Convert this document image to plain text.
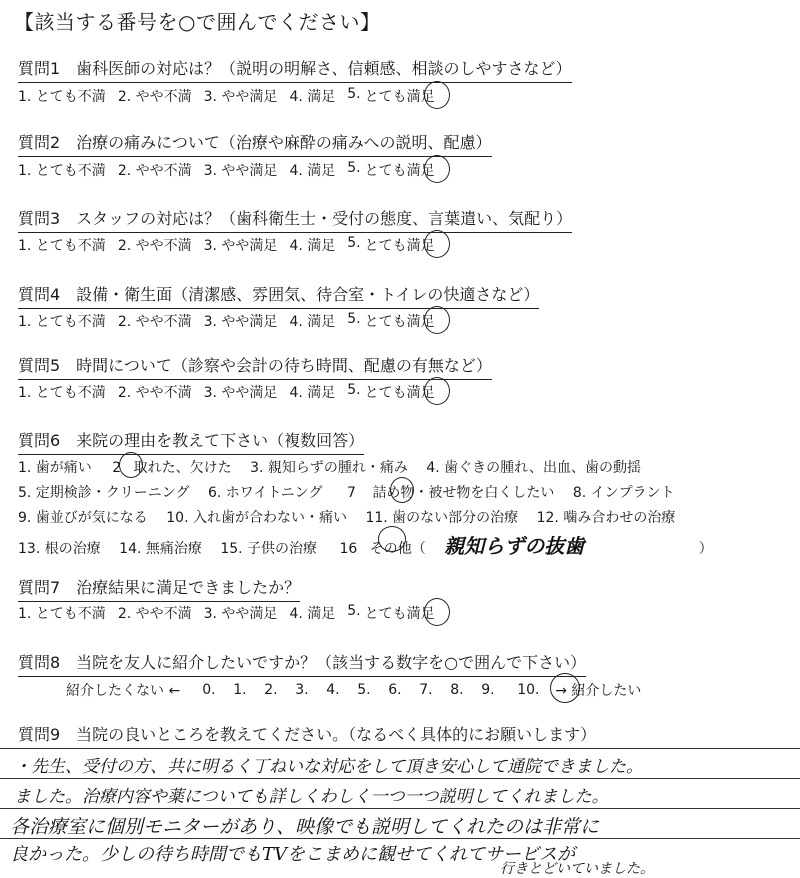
【該当する番号を○で囲んでください】
質問1　歯科医師の対応は？（説明の明解さ、信頼感、相談のしやすさなど）
1. とても不満 2. やや不満 3. やや満足 4. 満足 5. とても満足
質問2　治療の痛みについて（治療や麻酔の痛みへの説明、配慮）
1. とても不満 2. やや不満 3. やや満足 4. 満足 5. とても満足
質問3　スタッフの対応は？（歯科衛生士・受付の態度、言葉遣い、気配り）
1. とても不満 2. やや不満 3. やや満足 4. 満足 5. とても満足
質問4　設備・衛生面（清潔感、雰囲気、待合室・トイレの快適さなど）
1. とても不満 2. やや不満 3. やや満足 4. 満足 5. とても満足
質問5　時間について（診察や会計の待ち時間、配慮の有無など）
1. とても不満 2. やや不満 3. やや満足 4. 満足 5. とても満足
質問6　来院の理由を教えて下さい（複数回答）
1. 歯が痛い 2 取れた、欠けた 3. 親知らずの腫れ・痛み 4. 歯ぐきの腫れ、出血、歯の動揺
5. 定期検診・クリーニング 6. ホワイトニング 7 詰め物・被せ物を白くしたい 8. インプラント
9. 歯並びが気になる 10. 入れ歯が合わない・痛い 11. 歯のない部分の治療 12. 噛み合わせの治療
13. 根の治療 14. 無痛治療 15. 子供の治療 16 その他（ 親知らずの抜歯	）
質問7　治療結果に満足できましたか？
1. とても不満 2. やや不満 3. やや満足 4. 満足 5. とても満足
質問8　当院を友人に紹介したいですか？（該当する数字を○で囲んで下さい）
紹介したくない ← 0.	1.	2.	3.	4.	5.	6.	7.	8.	9.	10.	→ 紹介したい
質問9　当院の良いところを教えてください。（なるべく具体的にお願いします）
・先生、受付の方、共に明るく丁ねいな対応をして頂き安心して通院できました。
ました。治療内容や薬についても詳しくわしく一つ一つ説明してくれました。
各治療室に個別モニターがあり、映像でも説明してくれたのは非常に
良かった。少しの待ち時間でもTVをこまめに観せてくれてサービスが
行きとどいていました。
